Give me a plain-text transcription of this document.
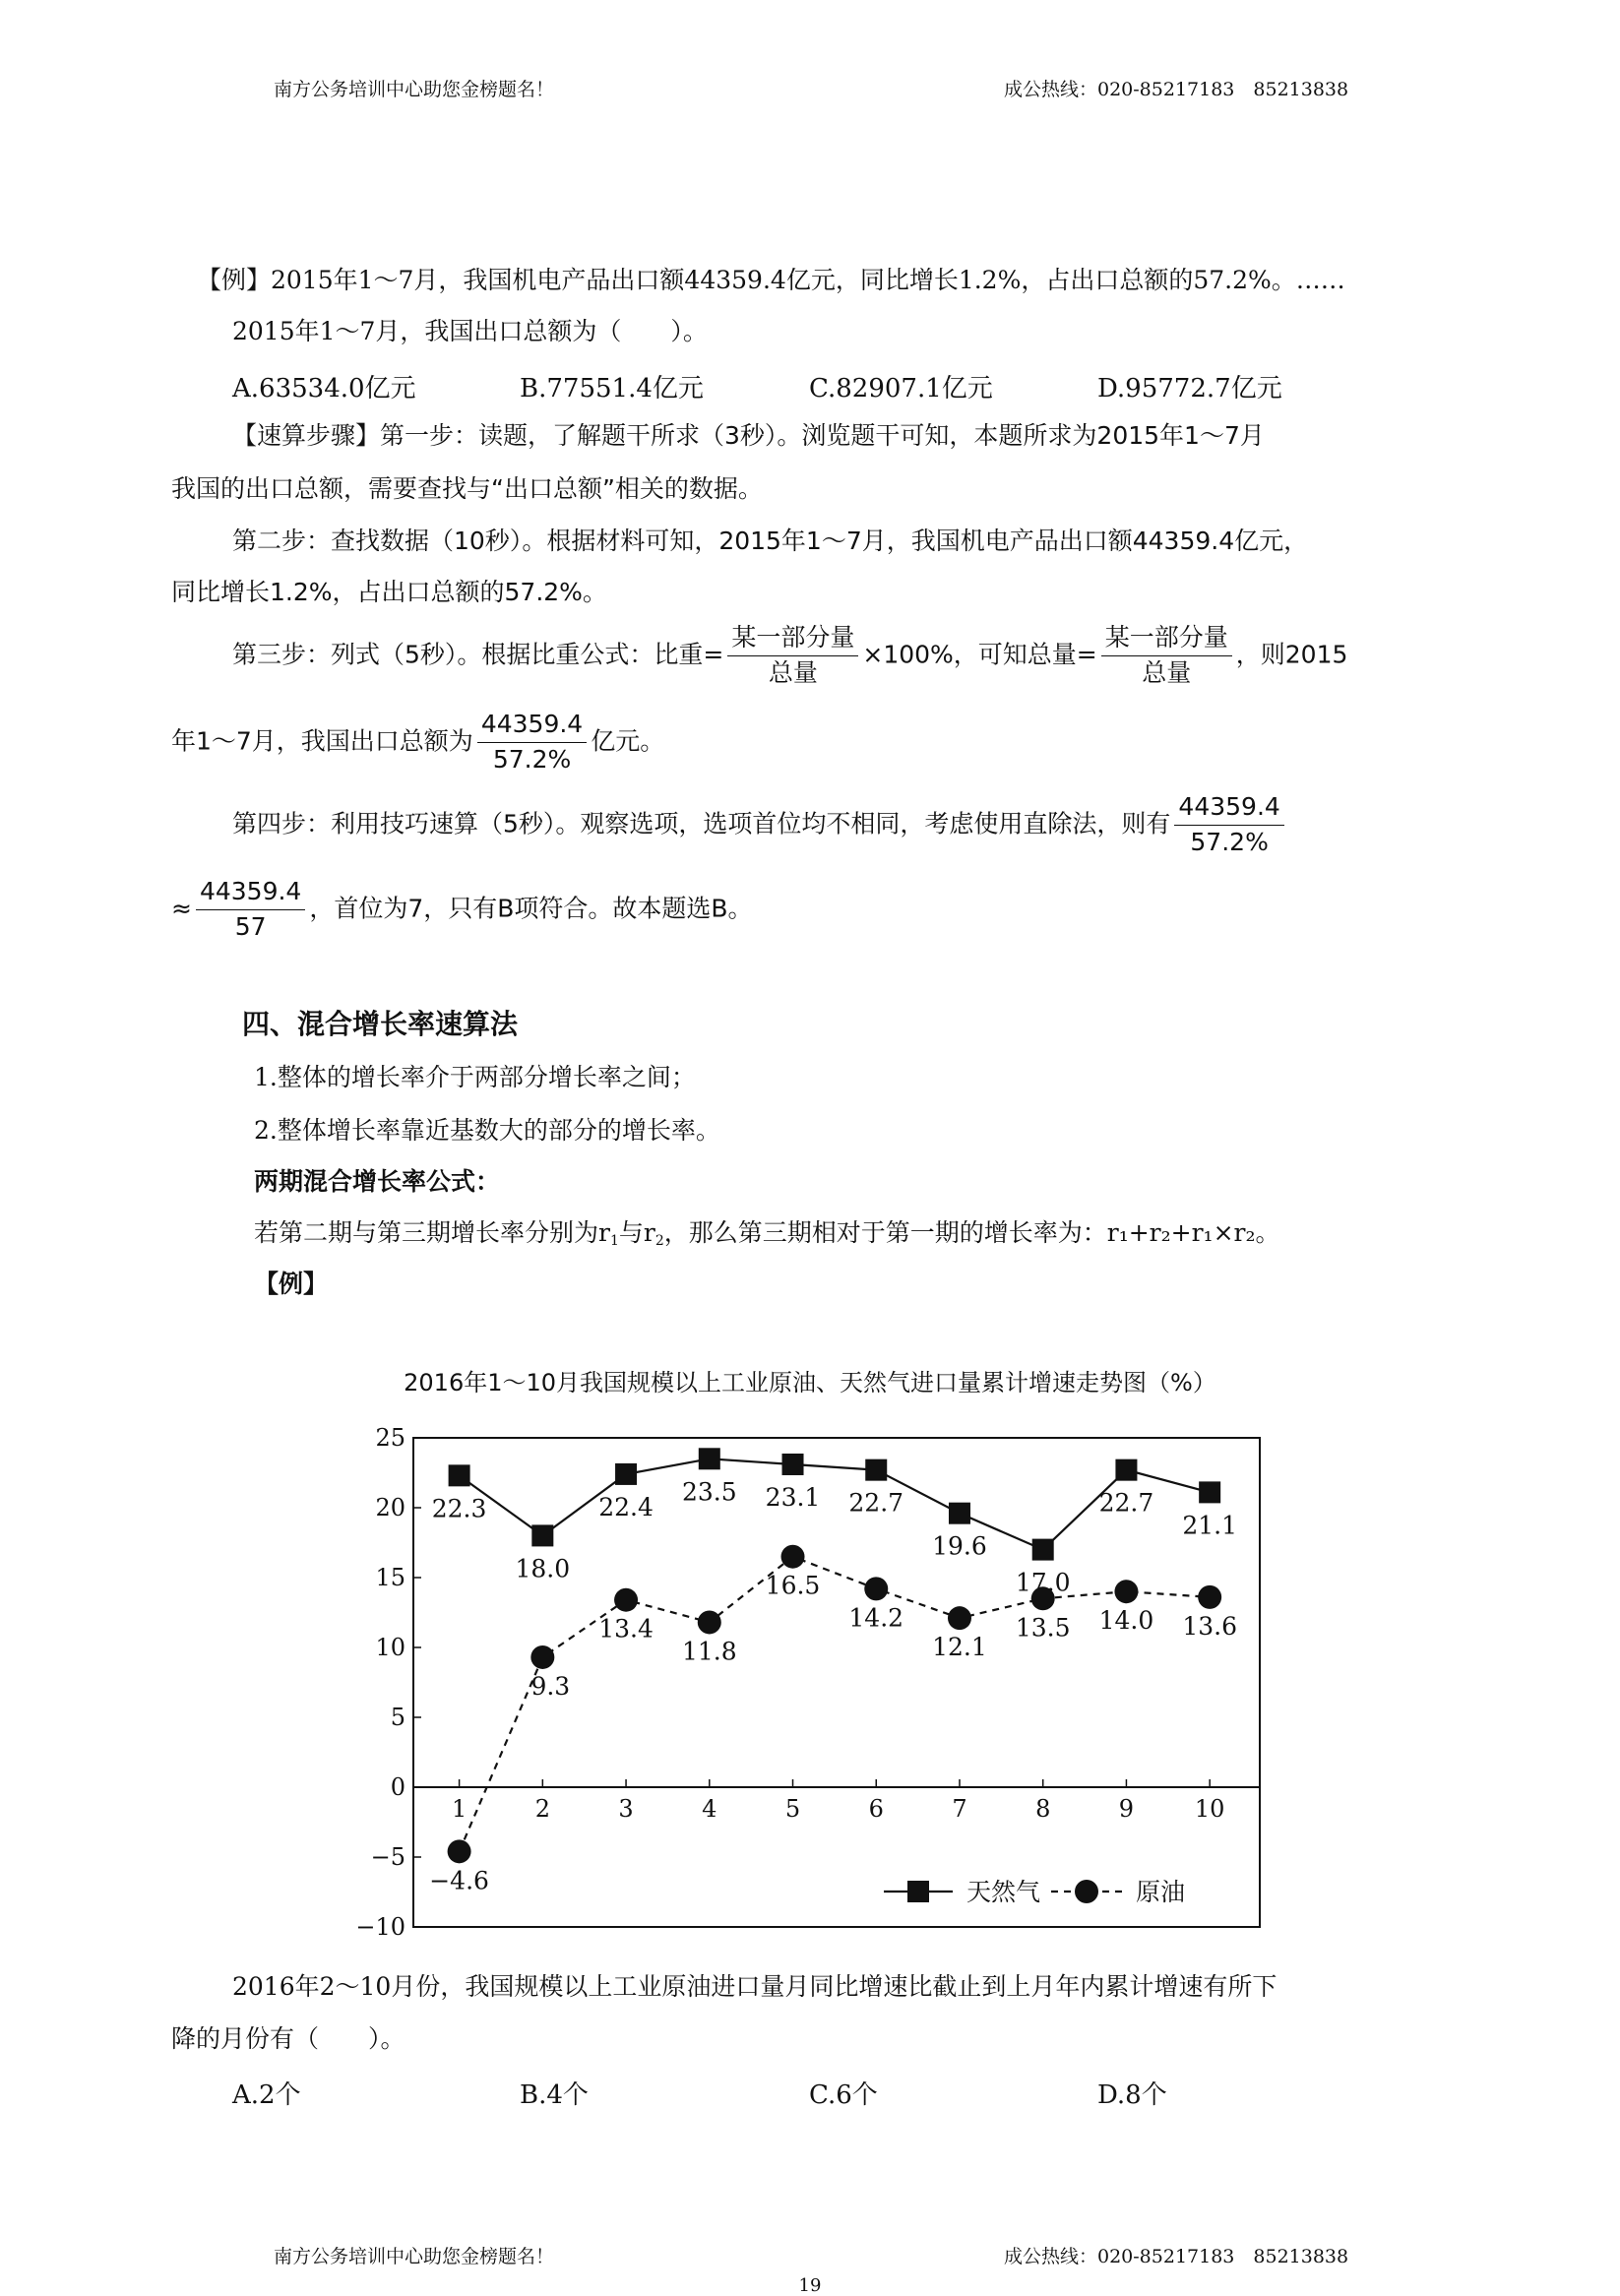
南方公务培训中心助您金榜题名！	成公热线：020-85217183　85213838
【例】2015年1～7月，我国机电产品出口额44359.4亿元，同比增长1.2%，占出口总额的57.2%。……
2015年1～7月，我国出口总额为（　　）。
A.63534.0亿元	B.77551.4亿元	C.82907.1亿元	D.95772.7亿元
【速算步骤】第一步：读题，了解题干所求（3秒）。浏览题干可知，本题所求为2015年1～7月
我国的出口总额，需要查找与“出口总额”相关的数据。
第二步：查找数据（10秒）。根据材料可知，2015年1～7月，我国机电产品出口额44359.4亿元，
同比增长1.2%，占出口总额的57.2%。
第三步：列式（5秒）。根据比重公式：比重= $\frac{\text{某一部分量}}{\text{总量}} \times 100\%$，可知总量= $\frac{\text{某一部分量}}{\text{总量}}$ ，则2015
年1～7月，我国出口总额为 $\frac{44359.4}{57.2\%}$ 亿元。
第四步：利用技巧速算（5秒）。观察选项，选项首位均不相同，考虑使用直除法，则有 $\frac{44359.4}{57.2\%}$
≈ $\frac{44359.4}{57}$ ，首位为7，只有B项符合。故本题选B。
四、混合增长率速算法
1.整体的增长率介于两部分增长率之间；
2.整体增长率靠近基数大的部分的增长率。
两期混合增长率公式：
若第二期与第三期增长率分别为$r_1$与$r_2$，那么第三期相对于第一期的增长率为：r₁+r₂+r₁×r₂。
【例】
2016年1～10月我国规模以上工业原油、天然气进口量累计增速走势图（%）
25
20
15
10
5
0
−5
−10
1	2	3	4	5	6	7	8	9	10
22.3
18.0
22.4
23.5 23.1 22.7
19.6
17.0
22.7
21.1
−4.6
9.3
13.4
11.8
16.5
14.2
12.1
13.5 14.0 13.6
天然气	原油
2016年2～10月份，我国规模以上工业原油进口量月同比增速比截止到上月年内累计增速有所下
降的月份有（　　）。
A.2个	B.4个	C.6个	D.8个
南方公务培训中心助您金榜题名！	成公热线：020-85217183　85213838
19
